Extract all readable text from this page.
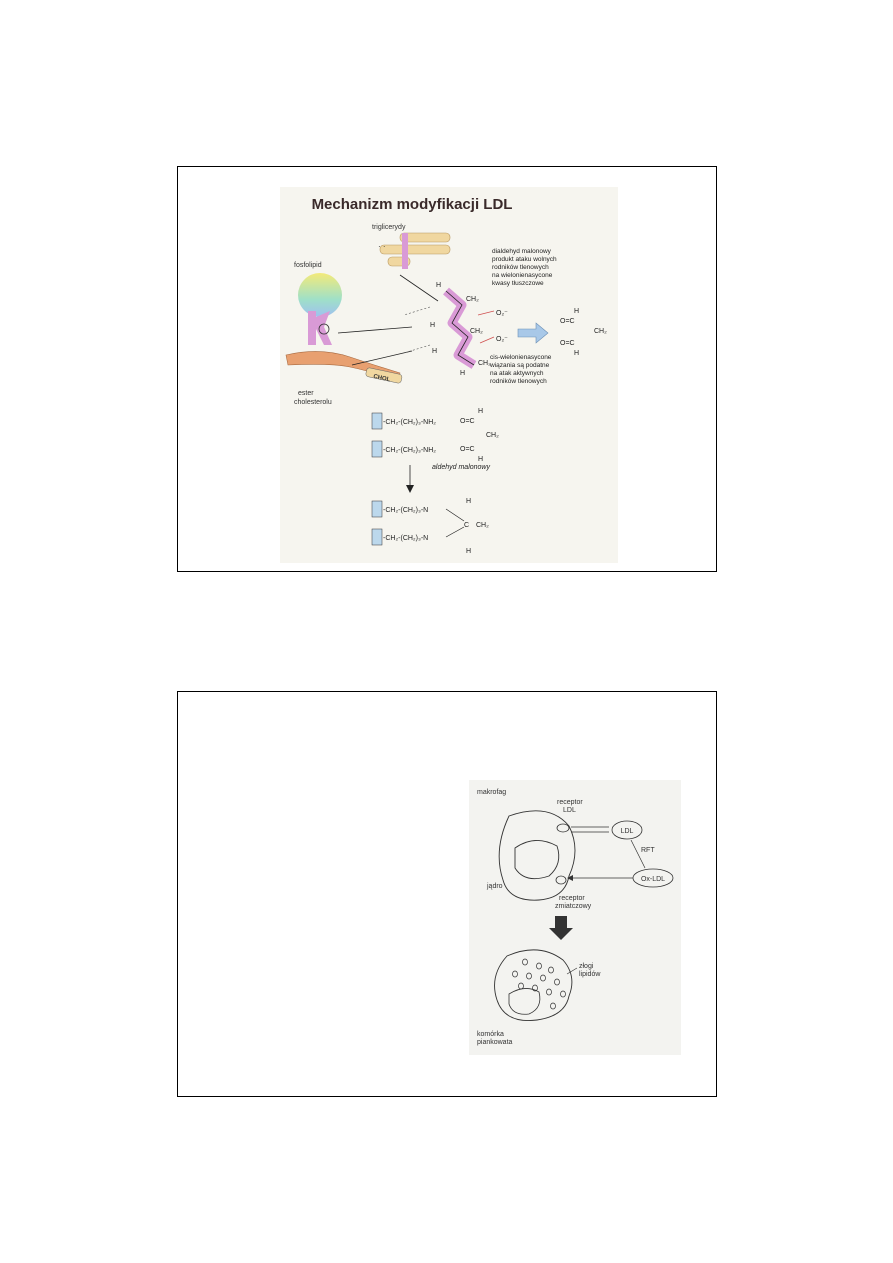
Mechanizm modyfikacji LDL
triglicerydy
· ·
fosfolipid
CHOL
ester
cholesterolu
H
CH₂
H
CH₂
H
H
CH₂
O₂⁻
O₂⁻
dialdehyd malonowy
produkt ataku wolnych
rodników tlenowych
na wielonienasycone
kwasy tłuszczowe
H
O=C
CH₂
O=C
H
cis-wielonienasycone
wiązania są podatne
na atak aktywnych
rodników tlenowych
-CH₂-(CH₂)₃-NH₂
-CH₂-(CH₂)₃-NH₂
H
O=C
CH₂
O=C
H
aldehyd malonowy
-CH₂-(CH₂)₃-N
-CH₂-(CH₂)₃-N
H
C CH₂
H
makrofag
receptor
LDL
LDL
RFT
Ox-LDL
jądro
receptor
zmiatczowy
złogi
lipidów
komórka
piankowata
